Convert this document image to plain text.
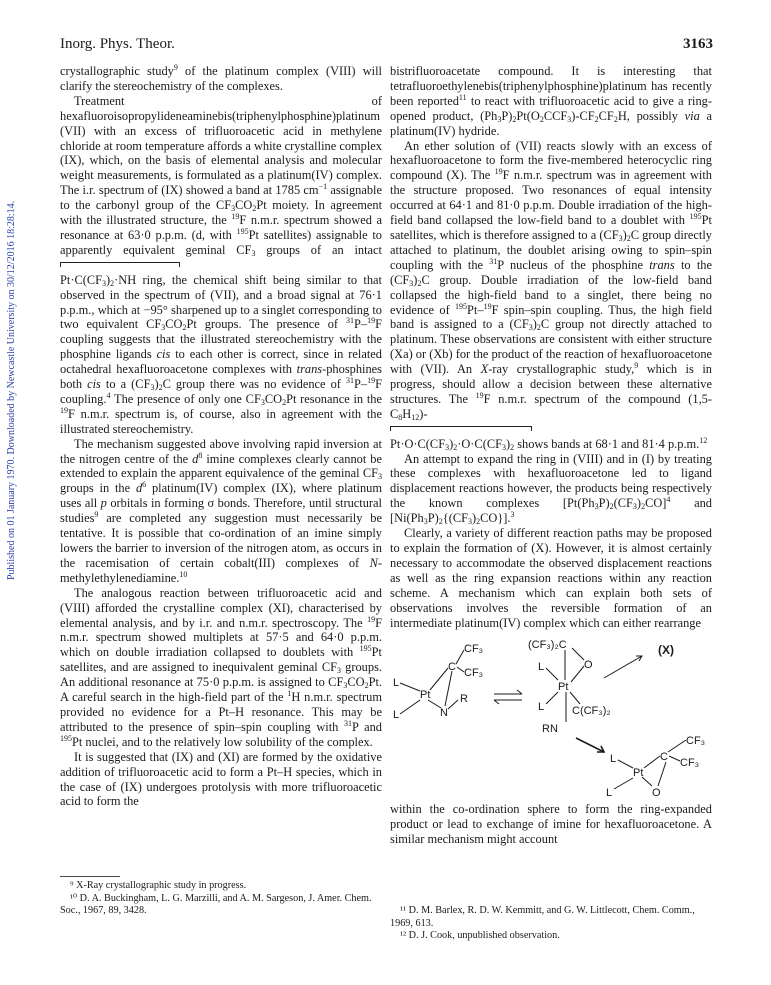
Published on 01 January 1970. Downloaded by Newcastle University on 30/12/2016 18:28:14.
Inorg. Phys. Theor.	3163

crystallographic study$^9$ of the platinum complex (VIII) will clarify the stereochemistry of the complexes.

Treatment of hexafluoroisopropylideneaminebis(triphenylphosphine)platinum (VII) with an excess of trifluoroacetic acid in methylene chloride at room temperature affords a white crystalline complex (IX), which, on the basis of elemental analysis and molecular weight measurements, is formulated as a platinum(IV) complex. The i.r. spectrum of (IX) showed a band at 1785 $cm^{-1}$ assignable to the carbonyl group of the $CF_3CO_2Pt$ moiety. In agreement with the illustrated structure, the $^{19}$F n.m.r. spectrum showed a resonance at 63·0 p.p.m. (d, with $^{195}$Pt satellites) assignable to apparently equivalent geminal $CF_3$ groups of an intact
$Pt\cdot C(CF_3)_2\cdot NH$ ring, the chemical shift being similar to that observed in the spectrum of (VII), and a broad signal at 76·1 p.p.m., which at −95° sharpened up to a singlet corresponding to two equivalent $CF_3CO_2Pt$ groups. The presence of $^{31}$P–$^{19}$F coupling suggests that the illustrated stereochemistry with the phosphine ligands cis to each other is correct, since in related octahedral hexafluoroacetone complexes with trans-phosphines both cis to a $(CF_3)_2C$ group there was no evidence of $^{31}$P–$^{19}$F coupling.$^4$ The presence of only one $CF_3CO_2Pt$ resonance in the $^{19}$F n.m.r. spectrum is, of course, also in agreement with the illustrated stereochemistry.

The mechanism suggested above involving rapid inversion at the nitrogen centre of the $d^8$ imine complexes clearly cannot be extended to explain the apparent equivalence of the geminal $CF_3$ groups in the $d^6$ platinum(IV) complex (IX), where platinum uses all p orbitals in forming σ bonds. Therefore, until structural studies$^9$ are completed any suggestion must necessarily be tentative. It is possible that co-ordination of an imine simply lowers the barrier to inversion of the nitrogen atom, as occurs in the racemisation of certain cobalt(III) complexes of N-methylethylenediamine.$^{10}$

The analogous reaction between trifluoroacetic acid and (VIII) afforded the crystalline complex (XI), characterised by elemental analysis, and by i.r. and n.m.r. spectroscopy. The $^{19}$F n.m.r. spectrum showed multiplets at 57·5 and 64·0 p.p.m. which on double irradiation collapsed to doublets with $^{195}$Pt satellites, and are assigned to inequivalent geminal $CF_3$ groups. An additional resonance at 75·0 p.p.m. is assigned to $CF_3CO_2Pt$. A careful search in the high-field part of the $^1$H n.m.r. spectrum provided no evidence for a Pt–H resonance. This may be attributed to the presence of spin–spin coupling with $^{31}$P and $^{195}$Pt nuclei, and to the relatively low solubility of the complex.

It is suggested that (IX) and (XI) are formed by the oxidative addition of trifluoroacetic acid to form a Pt–H species, which in the case of (IX) undergoes protolysis with more trifluoroacetic acid to form the

bistrifluoroacetate compound. It is interesting that tetrafluoroethylenebis(triphenylphosphine)platinum has recently been reported$^{11}$ to react with trifluoroacetic acid to give a ring-opened product, $(Ph_3P)_2Pt(O_2CCF_3)-CF_2CF_2H$, possibly via a platinum(IV) hydride.

An ether solution of (VII) reacts slowly with an excess of hexafluoroacetone to form the five-membered heterocyclic ring compound (X). The $^{19}$F n.m.r. spectrum was in agreement with the structure proposed. Two resonances of equal intensity occurred at 64·1 and 81·0 p.p.m. Double irradiation of the high-field band collapsed the low-field band to a doublet with $^{195}$Pt satellites, which is therefore assigned to a $(CF_3)_2C$ group directly attached to platinum, the doublet arising owing to spin–spin coupling with the $^{31}$P nucleus of the phosphine trans to the $(CF_3)_2C$ group. Double irradiation of the low-field band collapsed the high-field band to a singlet, there being no evidence of $^{195}$Pt–$^{19}$F spin–spin coupling. Thus, the high field band is assigned to a $(CF_3)_2C$ group not directly attached to platinum. These observations are consistent with either structure (Xa) or (Xb) for the product of the reaction of hexafluoroacetone with (VII). An X-ray crystallographic study,$^9$ which is in progress, should allow a decision between these alternative structures. The $^{19}$F n.m.r. spectrum of the compound $(1,5-C_8H_{12})-$

$Pt\cdot O\cdot C(CF_3)_2\cdot O\cdot C(CF_3)_2$ shows bands at 68·1 and 81·4 p.p.m.$^{12}$

An attempt to expand the ring in (VIII) and in (I) by treating these complexes with hexafluoroacetone led to ligand displacement reactions however, the products being respectively the known complexes $[Pt(Ph_3P)_2(CF_3)_2CO]^4$ and $[Ni(Ph_3P)_2\{(CF_3)_2CO\}].^3$

Clearly, a variety of different reaction paths may be proposed to explain the formation of (X). However, it is almost certainly necessary to accommodate the observed displacement reactions as well as the ring expansion reactions within any reaction scheme. A mechanism which can explain both sets of observations involves the reversible formation of an intermediate platinum(IV) complex which can either rearrange

CF₃
C CF₃
L
Pt	R
L	N
(CF₃)₂C
L	O
Pt
L	C(CF₃)₂
RN
(X)
CF₃
C CF₃
L
Pt
L	O

within the co-ordination sphere to form the ring-expanded product or lead to exchange of imine for hexafluoroacetone. A similar mechanism might account

⁹ X-Ray crystallographic study in progress.

¹⁰ D. A. Buckingham, L. G. Marzilli, and A. M. Sargeson, J. Amer. Chem. Soc., 1967, 89, 3428.	¹¹ D. M. Barlex, R. D. W. Kemmitt, and G. W. Littlecott, Chem. Comm., 1969, 613.

¹² D. J. Cook, unpublished observation.
